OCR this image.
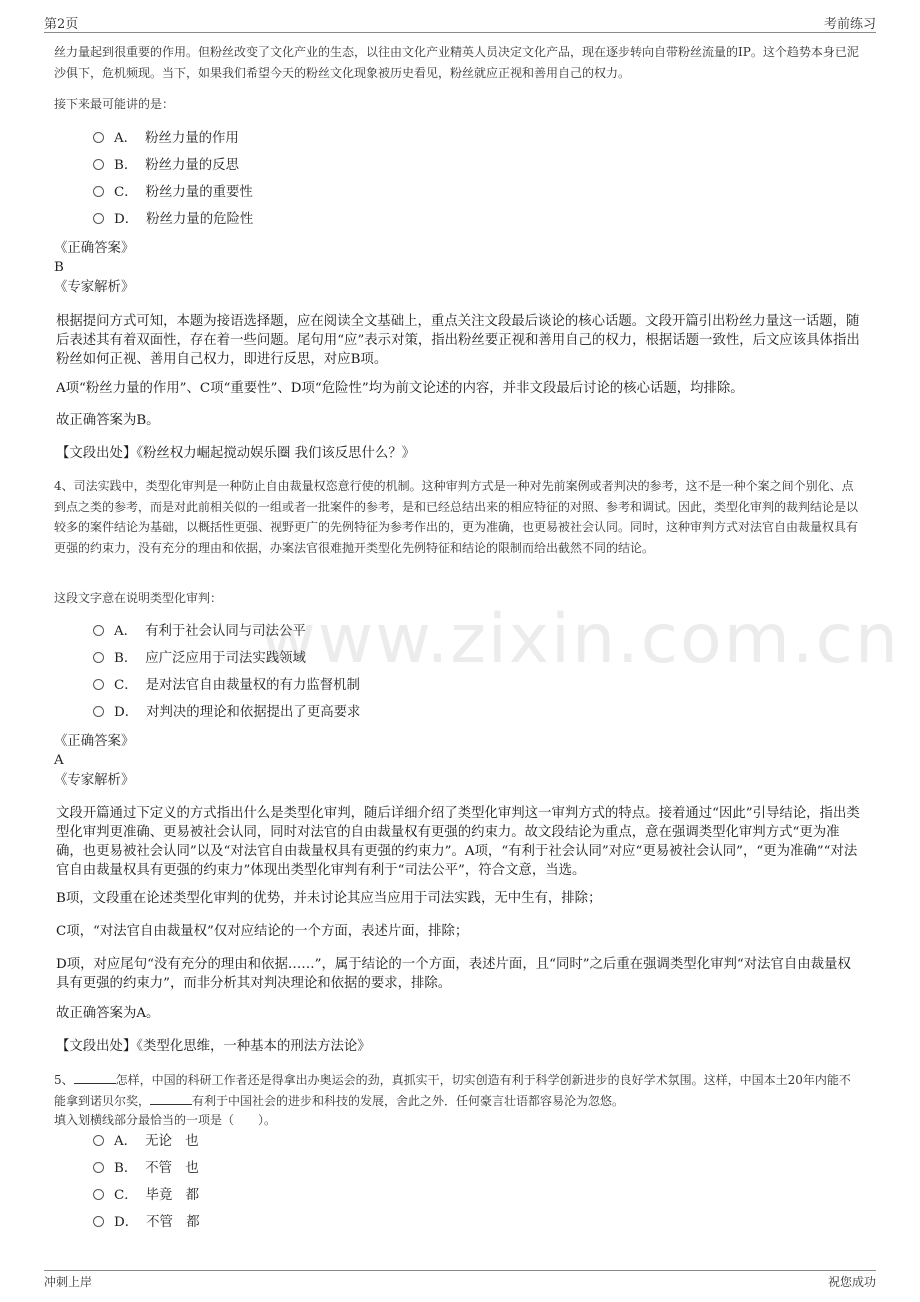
第2页	考前练习
www.zixin.com.cn
丝力量起到很重要的作用。但粉丝改变了文化产业的生态，以往由文化产业精英人员决定文化产品，现在逐步转向自带粉丝流量的IP。这个趋势本身已泥沙俱下，危机频现。当下，如果我们希望今天的粉丝文化现象被历史看见，粉丝就应正视和善用自己的权力。
接下来最可能讲的是：
A． 粉丝力量的作用
B． 粉丝力量的反思
C． 粉丝力量的重要性
D． 粉丝力量的危险性
《正确答案》
B
《专家解析》
根据提问方式可知，本题为接语选择题，应在阅读全文基础上，重点关注文段最后谈论的核心话题。文段开篇引出粉丝力量这一话题，随后表述其有着双面性，存在着一些问题。尾句用“应”表示对策，指出粉丝要正视和善用自己的权力，根据话题一致性，后文应该具体指出粉丝如何正视、善用自己权力，即进行反思，对应B项。
A项“粉丝力量的作用”、C项“重要性”、D项“危险性”均为前文论述的内容，并非文段最后讨论的核心话题，均排除。
故正确答案为B。
【文段出处】《粉丝权力崛起搅动娱乐圈 我们该反思什么？》
4、司法实践中，类型化审判是一种防止自由裁量权恣意行使的机制。这种审判方式是一种对先前案例或者判决的参考，这不是一种个案之间个别化、点到点之类的参考，而是对此前相关似的一组或者一批案件的参考，是和已经总结出来的相应特征的对照、参考和调试。因此，类型化审判的裁判结论是以较多的案件结论为基础，以概括性更强、视野更广的先例特征为参考作出的，更为准确，也更易被社会认同。同时，这种审判方式对法官自由裁量权具有更强的约束力，没有充分的理由和依据，办案法官很难抛开类型化先例特征和结论的限制而给出截然不同的结论。
这段文字意在说明类型化审判：
A． 有利于社会认同与司法公平
B． 应广泛应用于司法实践领域
C． 是对法官自由裁量权的有力监督机制
D． 对判决的理论和依据提出了更高要求
《正确答案》
A
《专家解析》
文段开篇通过下定义的方式指出什么是类型化审判，随后详细介绍了类型化审判这一审判方式的特点。接着通过“因此”引导结论，指出类型化审判更准确、更易被社会认同，同时对法官的自由裁量权有更强的约束力。故文段结论为重点，意在强调类型化审判方式“更为准确，也更易被社会认同”以及“对法官自由裁量权具有更强的约束力”。A项，“有利于社会认同”对应“更易被社会认同”，“更为准确”“对法官自由裁量权具有更强的约束力”体现出类型化审判有利于“司法公平”，符合文意，当选。
B项，文段重在论述类型化审判的优势，并未讨论其应当应用于司法实践，无中生有，排除；
C项，“对法官自由裁量权”仅对应结论的一个方面，表述片面，排除；
D项，对应尾句“没有充分的理由和依据……”，属于结论的一个方面，表述片面，且“同时”之后重在强调类型化审判“对法官自由裁量权具有更强的约束力”，而非分析其对判决理论和依据的要求，排除。
故正确答案为A。
【文段出处】《类型化思维，一种基本的刑法方法论》
5、	怎样，中国的科研工作者还是得拿出办奥运会的劲，真抓实干，切实创造有利于科学创新进步的良好学术氛围。这样，中国本土20年内能不能拿到诺贝尔奖，	有利于中国社会的进步和科技的发展，舍此之外．任何豪言壮语都容易沦为忽悠。
填入划横线部分最恰当的一项是（　　）。
A． 无论　也
B． 不管　也
C． 毕竟　都
D． 不管　都
冲刺上岸	祝您成功
